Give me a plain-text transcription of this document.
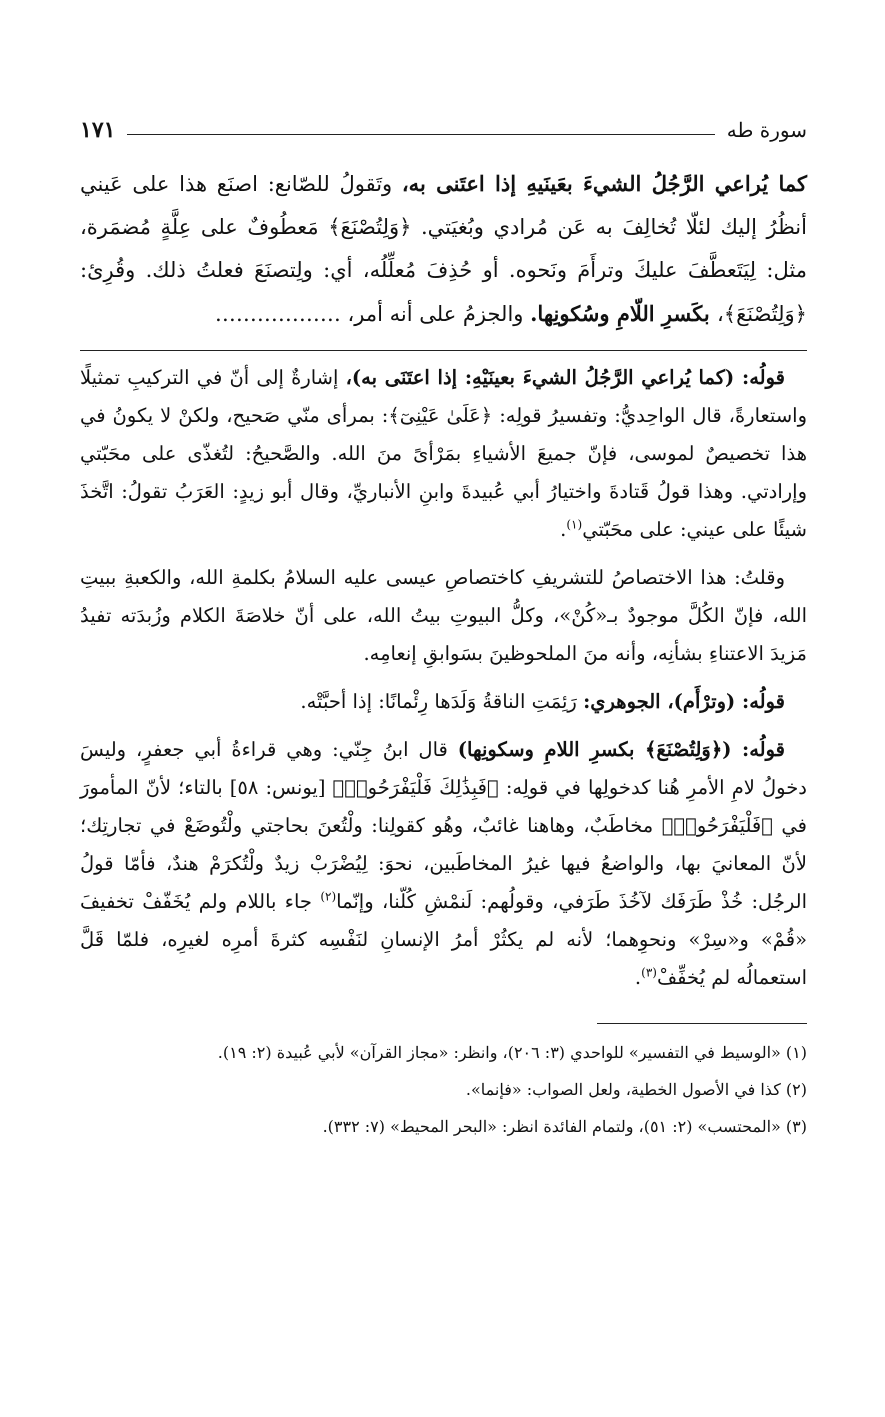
سورة طه
١٧١
كما يُراعي الرَّجُلُ الشيءَ بعَينَيهِ إذا اعتَنى به، وتَقولُ للصّانع: اصنَع هذا على عَيني أنظُرُ إليك لئلّا تُخالِفَ به عَن مُرادي وبُغيَتي. ﴿وَلِتُصْنَعَ﴾ مَعطُوفٌ على عِلَّةٍ مُضمَرة، مثل: لِيَتَعطَّفَ عليكَ وترأَمَ ونَحوه. أو حُذِفَ مُعلِّلُه، أي: ولِتصنَعَ فعلتُ ذلك. وقُرِئ: ﴿وَلِتُصْنَعَ﴾، بكَسرِ اللّامِ وسُكونِها. والجزمُ على أنه أمر، ………………

قولُه: (كما يُراعي الرَّجُلُ الشيءَ بعينَيْهِ: إذا اعتَنَى به)، إشارةٌ إلى أنّ في التركيبِ تمثيلًا واستعارةً، قال الواحِديُّ: وتفسيرُ قولِه: ﴿عَلَىٰ عَيْنِىٓ﴾: بمرأى منّي صَحيح، ولكنْ لا يكونُ في هذا تخصيصٌ لموسى، فإنّ جميعَ الأشياءِ بمَرْأىً منَ الله. والصَّحيحُ: لتُغذّى على محَبّتي وإرادتي. وهذا قولُ قَتادةَ واختيارُ أبي عُبيدةَ وابنِ الأنباريِّ، وقال أبو زيدٍ: العَرَبُ تقولُ: اتَّخذَ شيئًا على عيني: على محَبّتي$^{(١)}$.

وقلتُ: هذا الاختصاصُ للتشريفِ كاختصاصِ عيسى عليه السلامُ بكلمةِ الله، والكعبةِ ببيتِ الله، فإنّ الكُلَّ موجودٌ بـ«كُنْ»، وكلُّ البيوتِ بيتُ الله، على أنّ خلاصَةَ الكلام وزُبدَته تفيدُ مَزيدَ الاعتناءِ بشأنِه، وأنه منَ الملحوظينَ بسَوابقِ إنعامِه.

قولُه: (وترْأَم)، الجوهري: رَئِمَتِ الناقةُ وَلَدَها رِئْمانًا: إذا أحبَّتْه.

قولُه: (﴿وَلِتُصْنَعَ﴾ بكسرِ اللامِ وسكونِها) قال ابنُ جِنّي: وهي قراءةُ أبي جعفرٍ، وليسَ دخولُ لامِ الأمرِ هُنا كدخولِها في قولِه: ﴿فَبِذَٰلِكَ فَلْيَفْرَحُوا۟﴾ [يونس: ٥٨] بالتاء؛ لأنّ المأمورَ في ﴿فَلْيَفْرَحُوا۟﴾ مخاطَبٌ، وهاهنا غائبٌ، وهُو كقولِنا: ولْتُعنَ بحاجتي ولْتُوضَعْ في تجارتِك؛ لأنّ المعانيَ بها، والواضعُ فيها غيرُ المخاطَبين، نحوَ: لِيُضْرَبْ زيدٌ ولْتُكرَمْ هندٌ، فأمّا قولُ الرجُل: خُذْ طَرَفَك لآخُذَ طَرَفي، وقولُهم: لَنمْشِ كُلّنا، وإنّما$^{(٢)}$ جاء باللام ولم يُخَفّفْ تخفيفَ «قُمْ» و«سِرْ» ونحوِهما؛ لأنه لم يكثُرْ أمرُ الإنسانِ لنَفْسِه كثرةَ أمرِه لغيرِه، فلمّا قَلَّ استعمالُه لم يُخفِّفْ$^{(٣)}$.

(١) «الوسيط في التفسير» للواحدي (٣: ٢٠٦)، وانظر: «مجاز القرآن» لأبي عُبيدة (٢: ١٩).

(٢) كذا في الأصول الخطية، ولعل الصواب: «فإنما».

(٣) «المحتسب» (٢: ٥١)، ولتمام الفائدة انظر: «البحر المحيط» (٧: ٣٣٢).
